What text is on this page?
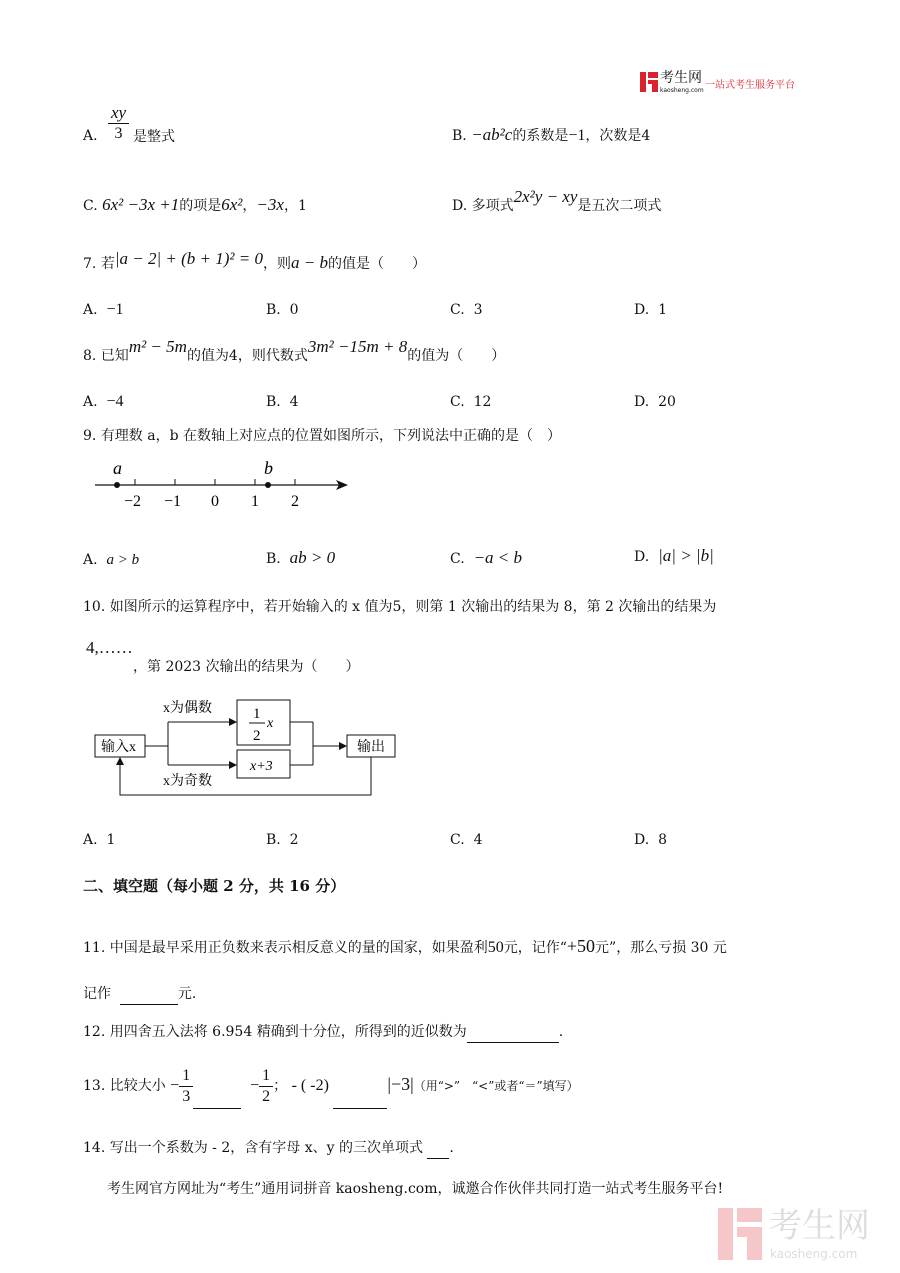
考生网
kaosheng.com 一站式考生服务平台
A. $\frac{xy}{3}$ 是整式	B. −ab²c的系数是−1，次数是4
C. 6x² −3x +1的项是6x²，−3x，1	D. 多项式2x²y − xy是五次二项式
7. 若|a − 2| + (b + 1)² = 0，则a − b的值是（　　）
A. −1	B. 0	C. 3	D. 1
8. 已知m² − 5m的值为4，则代数式3m² −15m + 8的值为（　　）
A. −4	B. 4	C. 12	D. 20
9. 有理数 a，b 在数轴上对应点的位置如图所示，下列说法中正确的是（　）
−2 −1 0 1 2
a	b
A. a > b	B. ab > 0	C. −a < b	D. |a| > |b|
10. 如图所示的运算程序中，若开始输入的 x 值为5，则第 1 次输出的结果为 8，第 2 次输出的结果为
4,……
，第 2023 次输出的结果为（　　）
输入x
x为偶数
x为奇数
1
2
x
x+3
输出
A. 1	B. 2	C. 4	D. 8
二、填空题（每小题 2 分，共 16 分）
11. 中国是最早采用正负数来表示相反意义的量的国家，如果盈利50元，记作“+50元”，那么亏损 30 元
记作	元.
12. 用四舍五入法将 6.954 精确到十分位，所得到的近似数为	.
13. 比较大小 − $\frac{1}{3}$	− $\frac{1}{2}$ ； - ( -2)	|−3|（用“>”　“<”或者“＝”填写）
14. 写出一个系数为 - 2，含有字母 x、y 的三次单项式 .
考生网官方网址为“考生”通用词拼音 kaosheng.com，诚邀合作伙伴共同打造一站式考生服务平台!
考生网
kaosheng.com
